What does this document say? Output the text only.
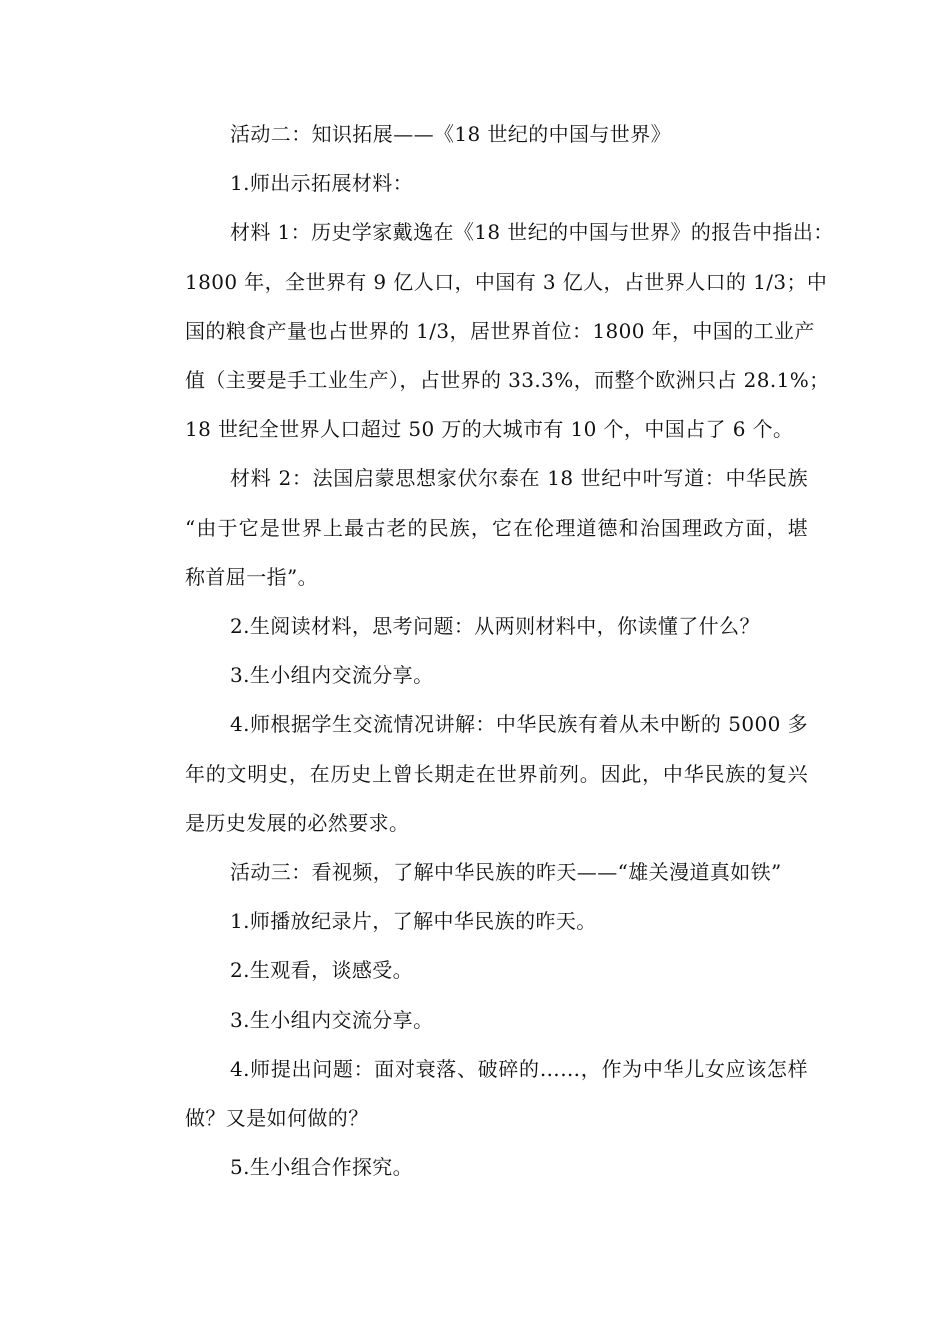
活动二：知识拓展——《18 世纪的中国与世界》
1.师出示拓展材料：
材料 1：历史学家戴逸在《18 世纪的中国与世界》的报告中指出：
1800 年，全世界有 9 亿人口，中国有 3 亿人，占世界人口的 1/3；中
国的粮食产量也占世界的 1/3，居世界首位：1800 年，中国的工业产
值（主要是手工业生产），占世界的 33.3%，而整个欧洲只占 28.1%；
18 世纪全世界人口超过 50 万的大城市有 10 个，中国占了 6 个。
材料 2：法国启蒙思想家伏尔泰在 18 世纪中叶写道：中华民族
“由于它是世界上最古老的民族，它在伦理道德和治国理政方面，堪
称首屈一指”。
2.生阅读材料，思考问题：从两则材料中，你读懂了什么？
3.生小组内交流分享。
4.师根据学生交流情况讲解：中华民族有着从未中断的 5000 多
年的文明史，在历史上曾长期走在世界前列。因此，中华民族的复兴
是历史发展的必然要求。
活动三：看视频，了解中华民族的昨天——“雄关漫道真如铁”
1.师播放纪录片，了解中华民族的昨天。
2.生观看，谈感受。
3.生小组内交流分享。
4.师提出问题：面对衰落、破碎的……，作为中华儿女应该怎样
做？又是如何做的？
5.生小组合作探究。
